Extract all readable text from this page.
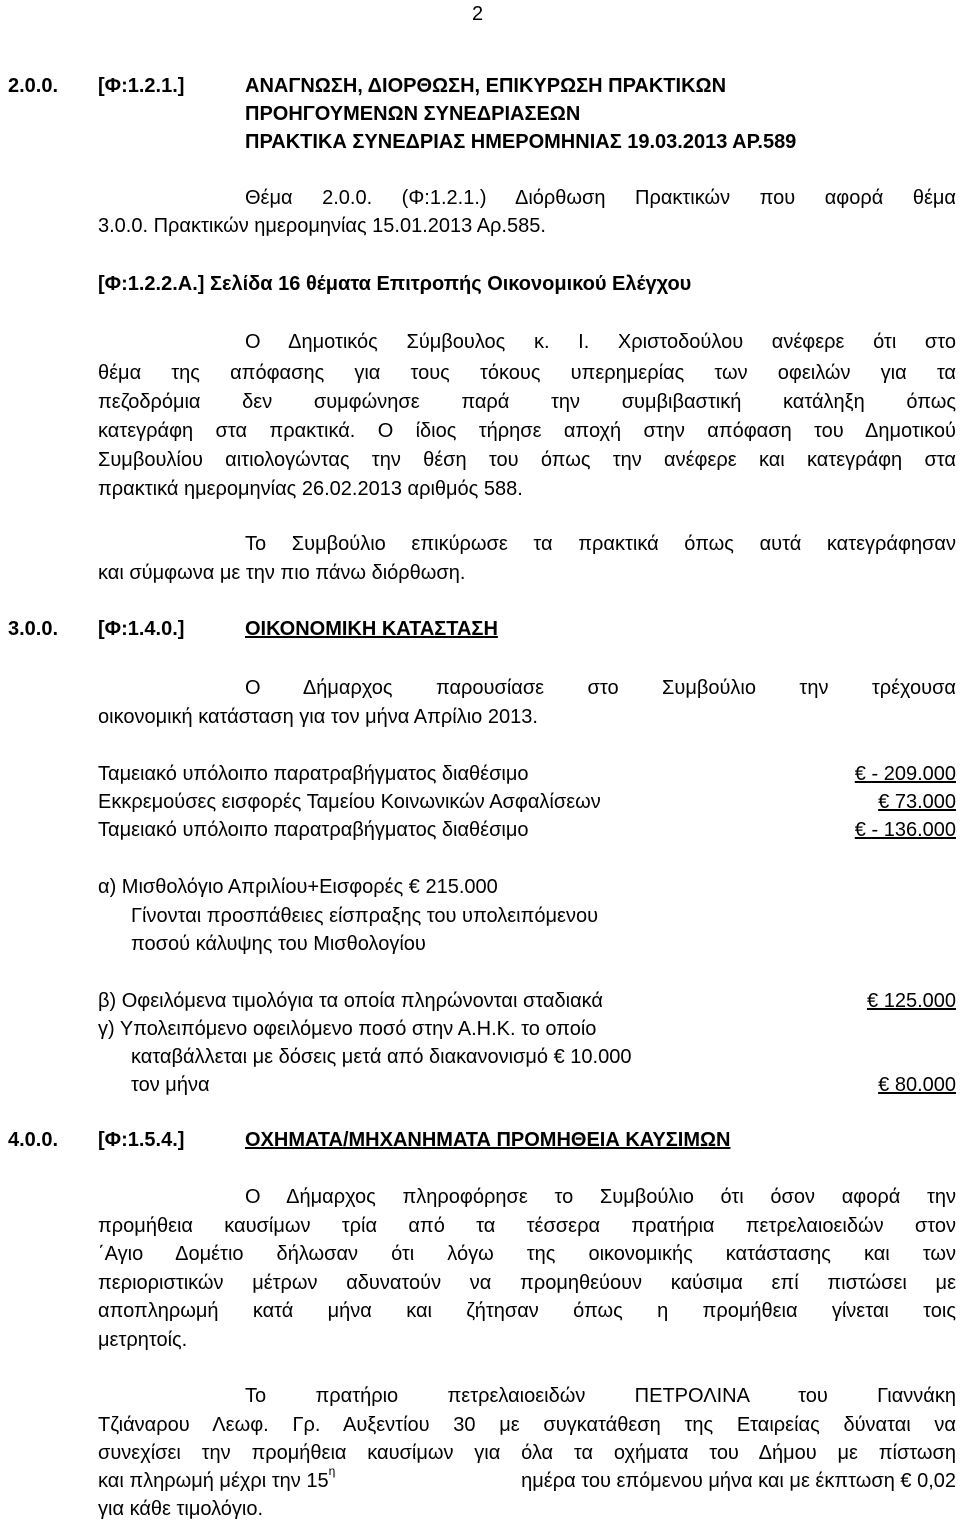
2
2.0.0. [Φ:1.2.1.]	ΑΝΑΓΝΩΣΗ, ΔΙΟΡΘΩΣΗ, ΕΠΙΚΥΡΩΣΗ ΠΡΑΚΤΙΚΩΝ
ΠΡΟΗΓΟΥΜΕΝΩΝ ΣΥΝΕΔΡΙΑΣΕΩΝ
ΠΡΑΚΤΙΚΑ ΣΥΝΕΔΡΙΑΣ ΗΜΕΡΟΜΗΝΙΑΣ 19.03.2013 ΑΡ.589
Θέμα 2.0.0. (Φ:1.2.1.) Διόρθωση Πρακτικών που αφορά θέμα
3.0.0. Πρακτικών ημερομηνίας 15.01.2013 Αρ.585.
[Φ:1.2.2.Α.] Σελίδα 16 θέματα Επιτροπής Οικονομικού Ελέγχου
Ο Δημοτικός Σύμβουλος κ. Ι. Χριστοδούλου ανέφερε ότι στο
θέμα της απόφασης για τους τόκους υπερημερίας των οφειλών για τα
πεζοδρόμια δεν συμφώνησε παρά την συμβιβαστική κατάληξη όπως
κατεγράφη στα πρακτικά. Ο ίδιος τήρησε αποχή στην απόφαση του Δημοτικού
Συμβουλίου αιτιολογώντας την θέση του όπως την ανέφερε και κατεγράφη στα
πρακτικά ημερομηνίας 26.02.2013 αριθμός 588.
Το Συμβούλιο επικύρωσε τα πρακτικά όπως αυτά κατεγράφησαν
και σύμφωνα με την πιο πάνω διόρθωση.
3.0.0. [Φ:1.4.0.]	ΟΙΚΟΝΟΜΙΚΗ ΚΑΤΑΣΤΑΣΗ
Ο Δήμαρχος παρουσίασε στο Συμβούλιο την τρέχουσα
οικονομική κατάσταση για τον μήνα Απρίλιο 2013.
Ταμειακό υπόλοιπο παρατραβήγματος διαθέσιμο	€ - 209.000
Εκκρεμούσες εισφορές Ταμείου Κοινωνικών Ασφαλίσεων	€ 73.000
Ταμειακό υπόλοιπο παρατραβήγματος διαθέσιμο	€ - 136.000
α) Μισθολόγιο Απριλίου+Εισφορές € 215.000
Γίνονται προσπάθειες είσπραξης του υπολειπόμενου
ποσού κάλυψης του Μισθολογίου
β) Οφειλόμενα τιμολόγια τα οποία πληρώνονται σταδιακά	€ 125.000
γ) Υπολειπόμενο οφειλόμενο ποσό στην Α.Η.Κ. το οποίο
καταβάλλεται με δόσεις μετά από διακανονισμό € 10.000
τον μήνα	€ 80.000
4.0.0. [Φ:1.5.4.]	ΟΧΗΜΑΤΑ/ΜΗΧΑΝΗΜΑΤΑ ΠΡΟΜΗΘΕΙΑ ΚΑΥΣΙΜΩΝ
Ο Δήμαρχος πληροφόρησε το Συμβούλιο ότι όσον αφορά την
προμήθεια καυσίμων τρία από τα τέσσερα πρατήρια πετρελαιοειδών στον
΄Αγιο Δομέτιο δήλωσαν ότι λόγω της οικονομικής κατάστασης και των
περιοριστικών μέτρων αδυνατούν να προμηθεύουν καύσιμα επί πιστώσει με
αποπληρωμή κατά μήνα και ζήτησαν όπως η προμήθεια γίνεται τοις
μετρητοίς.
Το πρατήριο πετρελαιοειδών ΠΕΤΡΟΛΙΝΑ του Γιαννάκη
Τζιάναρου Λεωφ. Γρ. Αυξεντίου 30 με συγκατάθεση της Εταιρείας δύναται να
συνεχίσει την προμήθεια καυσίμων για όλα τα οχήματα του Δήμου με πίστωση
και πληρωμή μέχρι την $15^\eta$	ημέρα του επόμενου μήνα και με έκπτωση € 0,02
για κάθε τιμολόγιο.
